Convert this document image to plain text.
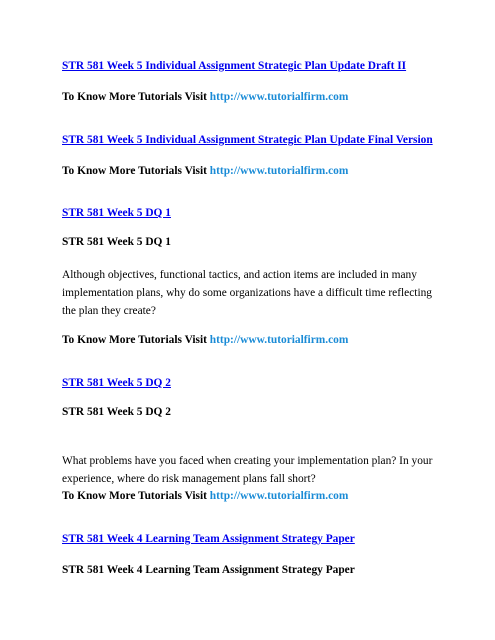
STR 581 Week 5 Individual Assignment Strategic Plan Update Draft II
To Know More Tutorials Visit http://www.tutorialfirm.com
STR 581 Week 5 Individual Assignment Strategic Plan Update Final Version
To Know More Tutorials Visit http://www.tutorialfirm.com
STR 581 Week 5 DQ 1
STR 581 Week 5 DQ 1
Although objectives, functional tactics, and action items are included in many
implementation plans, why do some organizations have a difficult time reflecting
the plan they create?
To Know More Tutorials Visit http://www.tutorialfirm.com
STR 581 Week 5 DQ 2
STR 581 Week 5 DQ 2
What problems have you faced when creating your implementation plan? In your
experience, where do risk management plans fall short?
To Know More Tutorials Visit http://www.tutorialfirm.com
STR 581 Week 4 Learning Team Assignment Strategy Paper
STR 581 Week 4 Learning Team Assignment Strategy Paper
